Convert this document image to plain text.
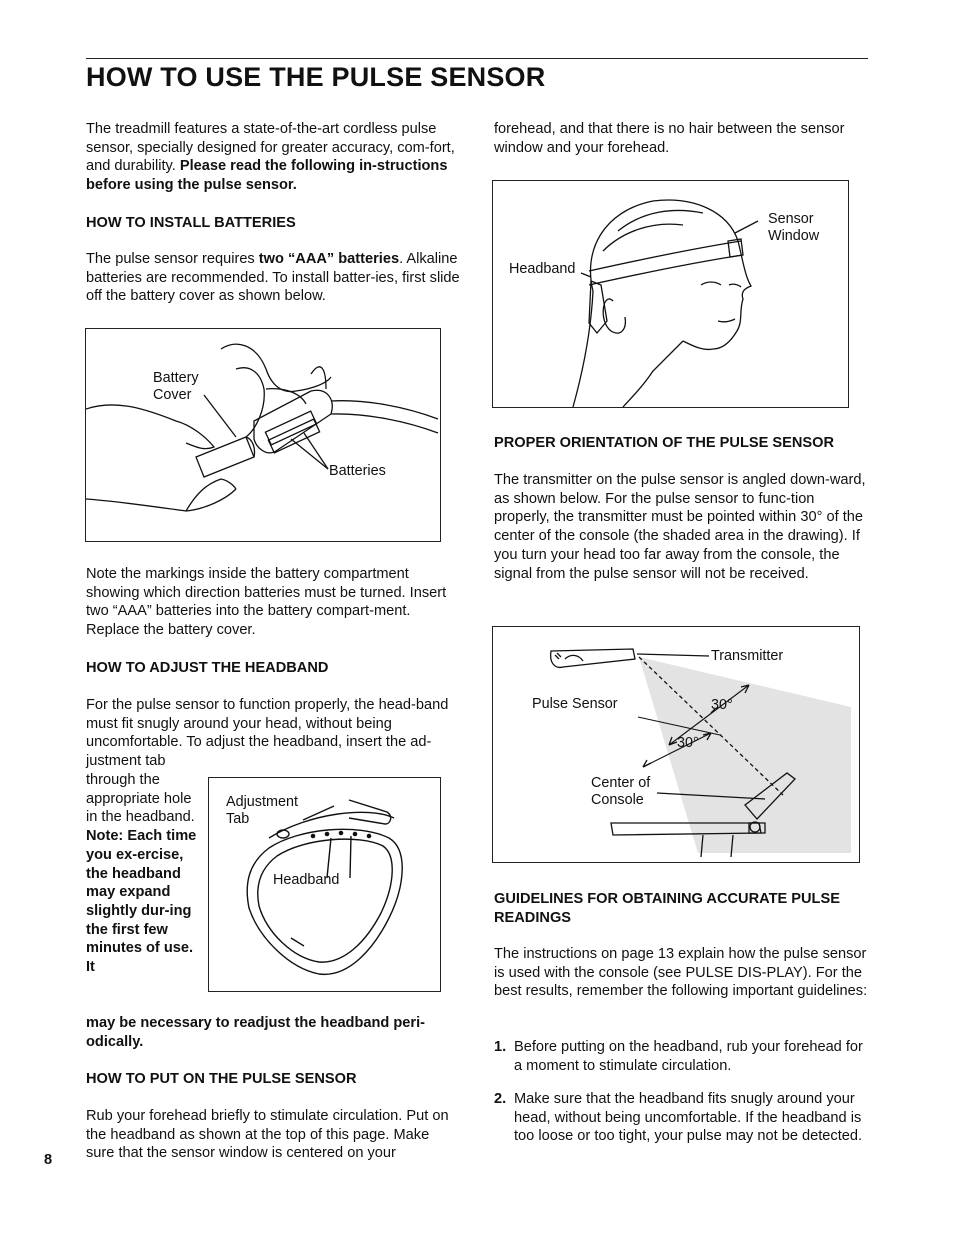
HOW TO USE THE PULSE SENSOR

The treadmill features a state-of-the-art cordless pulse sensor, specially designed for greater accuracy, com-fort, and durability. Please read the following in-structions before using the pulse sensor.

HOW TO INSTALL BATTERIES

The pulse sensor requires two “AAA” batteries. Alkaline batteries are recommended. To install batter-ies, first slide off the battery cover as shown below.

Battery Cover
Batteries
Note the markings inside the battery compartment showing which direction batteries must be turned. Insert two “AAA” batteries into the battery compart-ment. Replace the battery cover.
HOW TO ADJUST THE HEADBAND
For the pulse sensor to function properly, the head-band must fit snugly around your head, without being uncomfortable. To adjust the headband, insert the ad-justment tab

through the appropriate hole in the headband.

Note: Each time you ex-ercise, the headband may expand slightly dur-ing the first few minutes of use. It

Adjustment Tab
Headband
may be necessary to readjust the headband peri-odically.
HOW TO PUT ON THE PULSE SENSOR
Rub your forehead briefly to stimulate circulation. Put on the headband as shown at the top of this page. Make sure that the sensor window is centered on your
8
forehead, and that there is no hair between the sensor window and your forehead.
Headband
Sensor Window
PROPER ORIENTATION OF THE PULSE SENSOR
The transmitter on the pulse sensor is angled down-ward, as shown below. For the pulse sensor to func-tion properly, the transmitter must be pointed within 30° of the center of the console (the shaded area in the drawing). If you turn your head too far away from the console, the signal from the pulse sensor will not be received.
Transmitter
Pulse Sensor	30°
30°
Center of Console
GUIDELINES FOR OBTAINING ACCURATE PULSE READINGS
The instructions on page 13 explain how the pulse sensor is used with the console (see PULSE DIS-PLAY). For the best results, remember the following important guidelines:
1. Before putting on the headband, rub your forehead for a moment to stimulate circulation.
2. Make sure that the headband fits snugly around your head, without being uncomfortable. If the headband is too loose or too tight, your pulse may not be detected.
